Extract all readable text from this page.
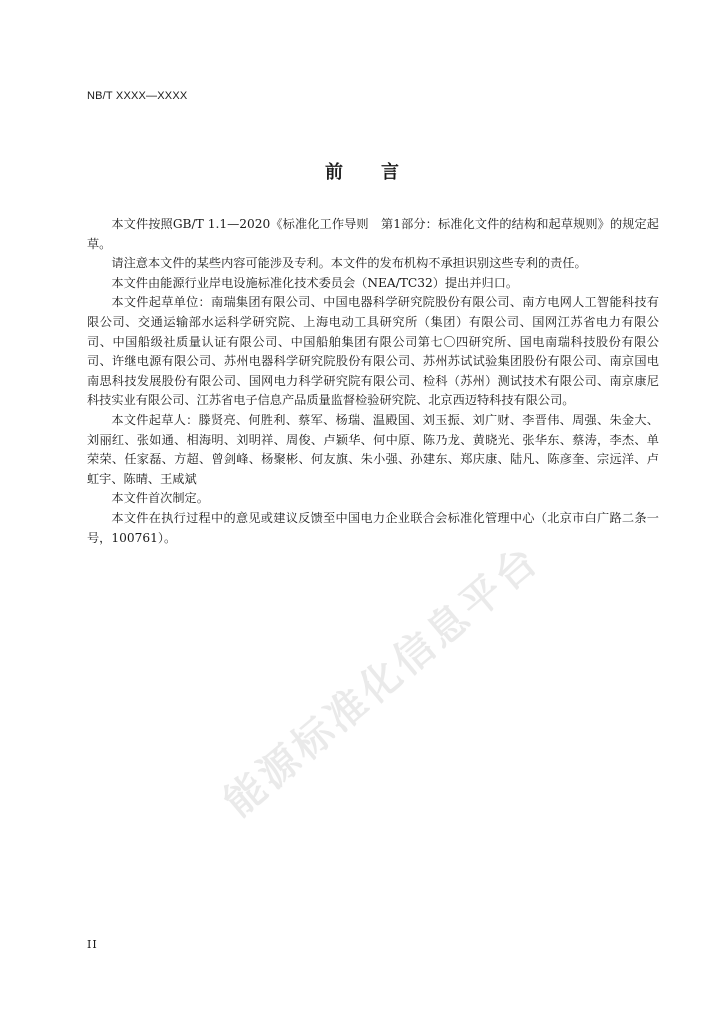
NB/T XXXX—XXXX
前言

本文件按照GB/T 1.1—2020《标准化工作导则　第1部分：标准化文件的结构和起草规则》的规定起草。

请注意本文件的某些内容可能涉及专利。本文件的发布机构不承担识别这些专利的责任。

本文件由能源行业岸电设施标准化技术委员会（NEA/TC32）提出并归口。

本文件起草单位：南瑞集团有限公司、中国电器科学研究院股份有限公司、南方电网人工智能科技有限公司、交通运输部水运科学研究院、上海电动工具研究所（集团）有限公司、国网江苏省电力有限公司、中国船级社质量认证有限公司、中国船舶集团有限公司第七〇四研究所、国电南瑞科技股份有限公司、许继电源有限公司、苏州电器科学研究院股份有限公司、苏州苏试试验集团股份有限公司、南京国电南思科技发展股份有限公司、国网电力科学研究院有限公司、检科（苏州）测试技术有限公司、南京康尼科技实业有限公司、江苏省电子信息产品质量监督检验研究院、北京西迈特科技有限公司。

本文件起草人：滕贤亮、何胜利、蔡军、杨瑞、温殿国、刘玉振、刘广财、李晋伟、周强、朱金大、刘丽红、张如通、相海明、刘明祥、周俊、卢颖华、何中原、陈乃龙、黄晓光、张华东、蔡涛，李杰、单荣荣、任家磊、方超、曾剑峰、杨聚彬、何友旗、朱小强、孙建东、郑庆康、陆凡、陈彦奎、宗远洋、卢虹宇、陈晴、王咸斌

本文件首次制定。

本文件在执行过程中的意见或建议反馈至中国电力企业联合会标准化管理中心（北京市白广路二条一号，100761）。 能源标准化信息平台
II
